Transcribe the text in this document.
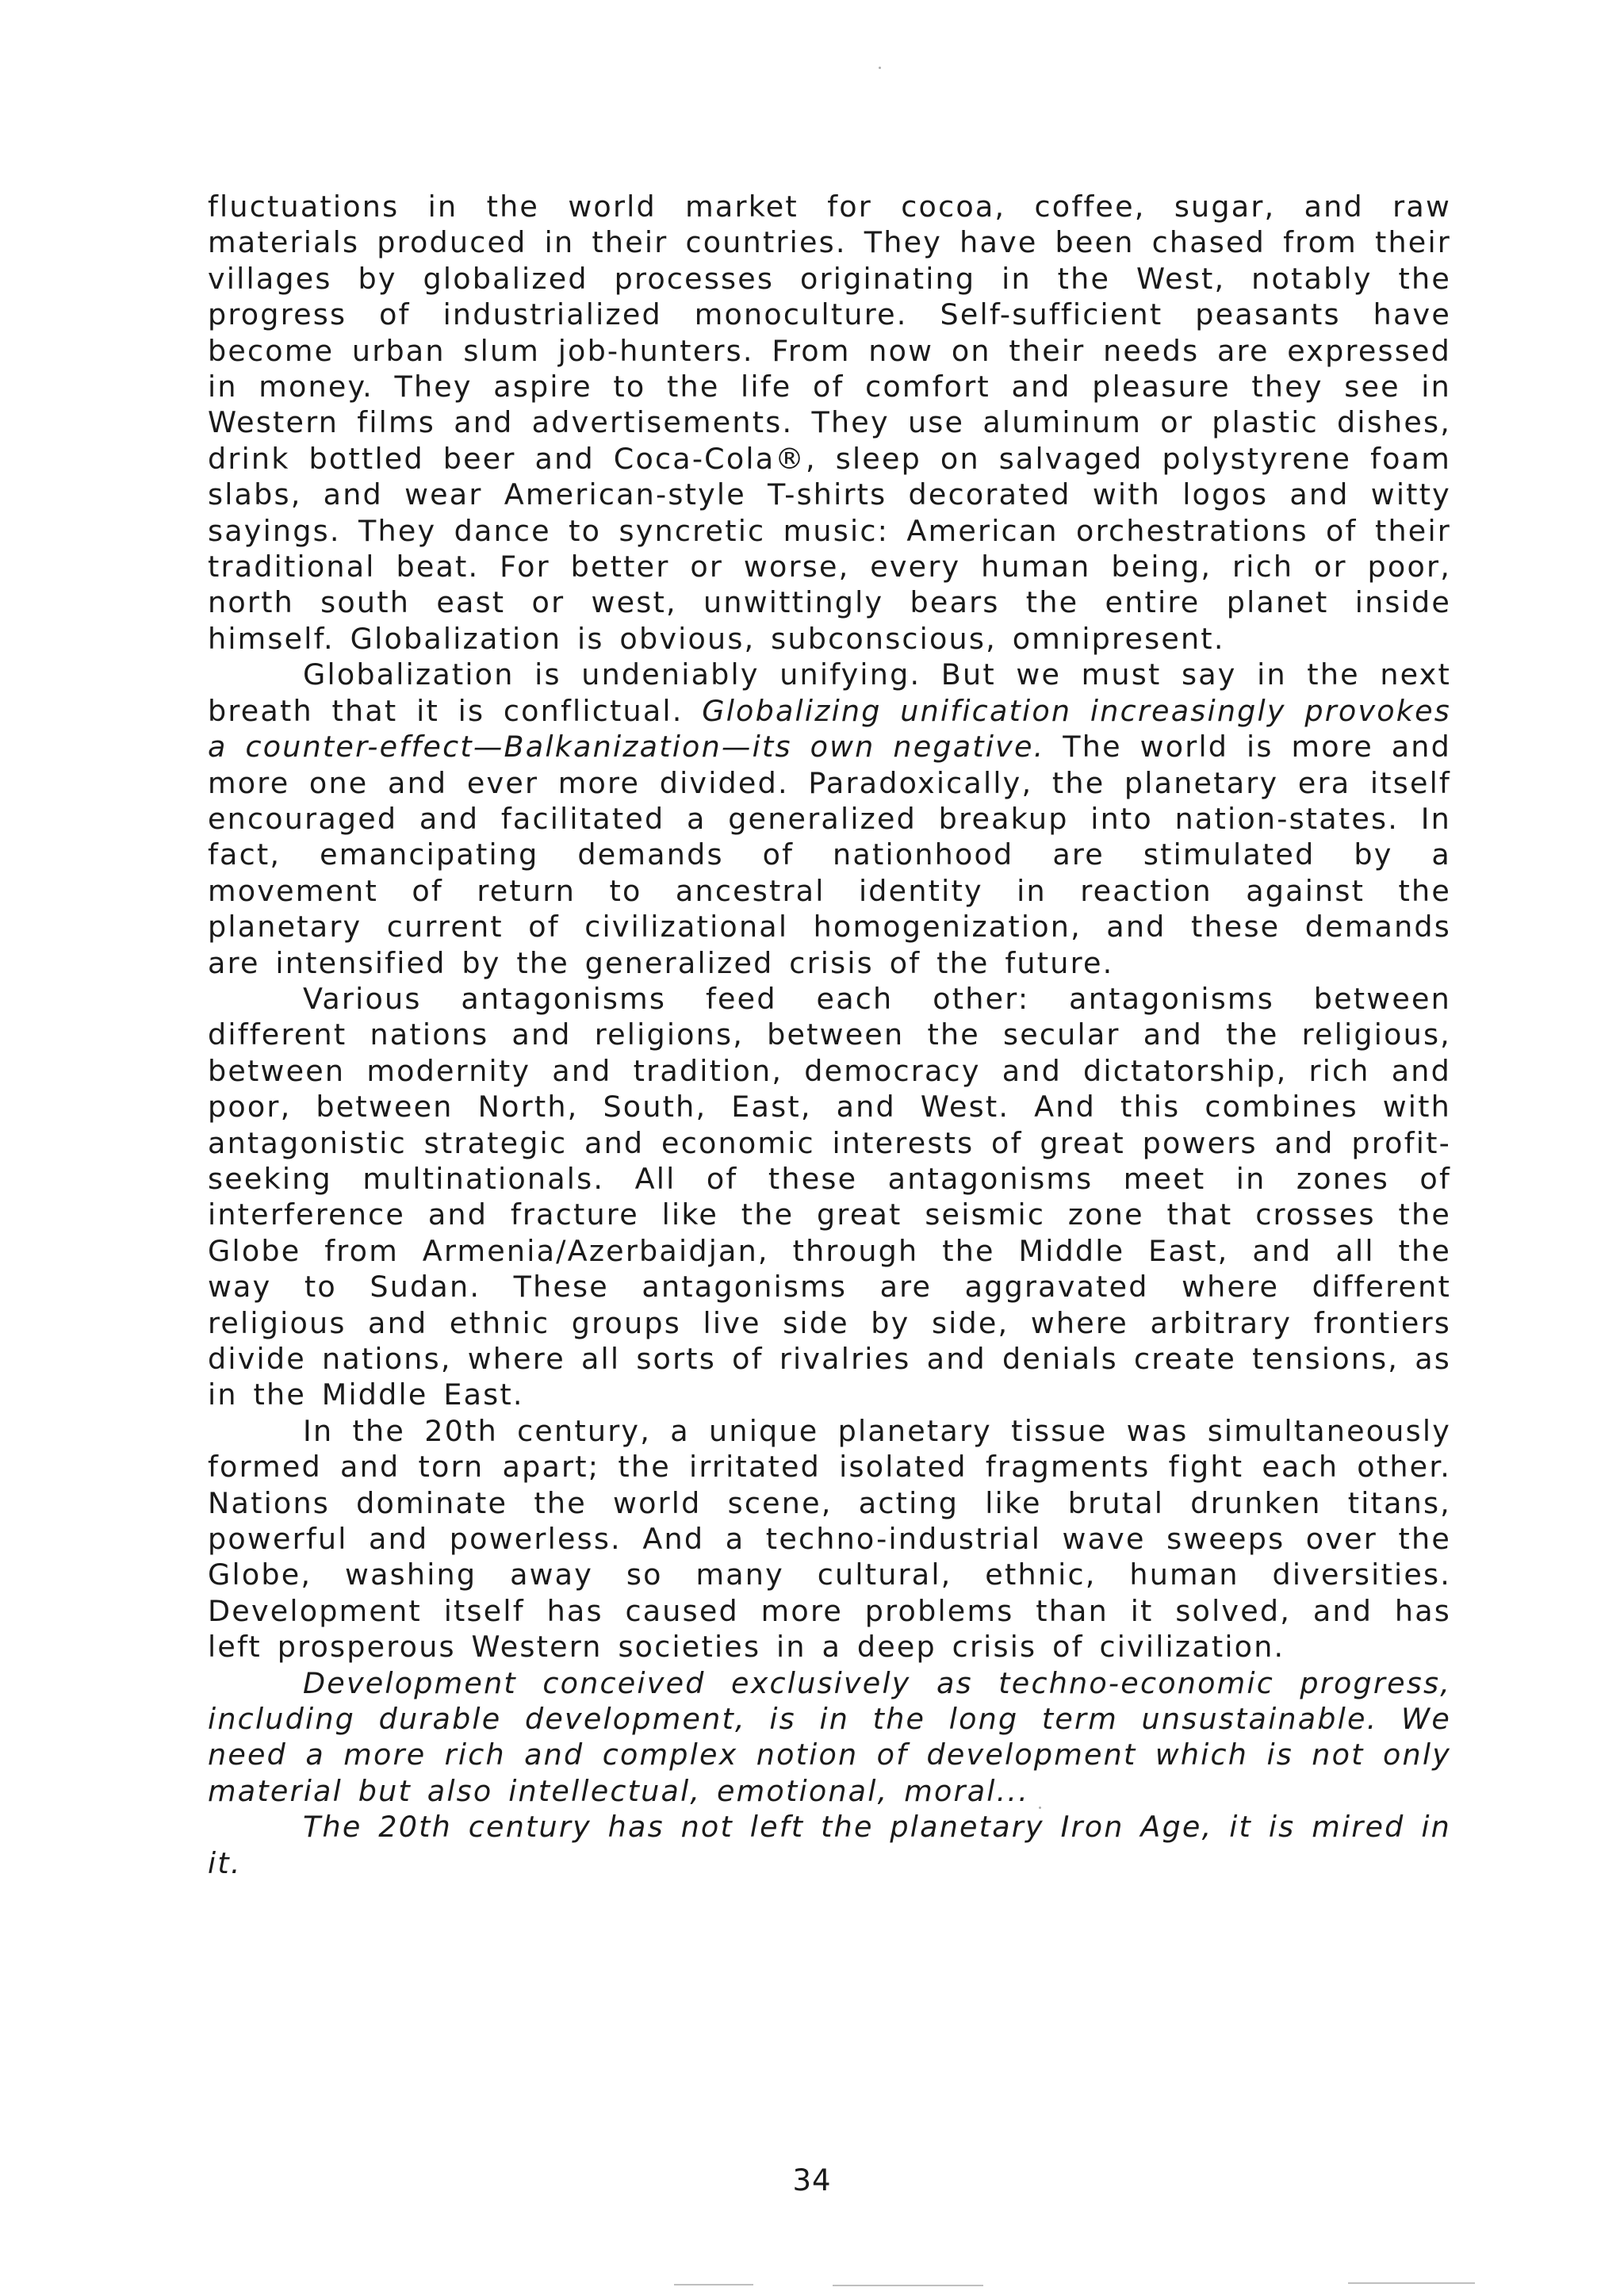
fluctuations in the world market for cocoa, coffee, sugar, and raw materials produced in their countries. They have been chased from their villages by globalized processes originating in the West, notably the progress of industrialized monoculture. Self-sufficient peasants have become urban slum job-hunters. From now on their needs are expressed in money. They aspire to the life of comfort and pleasure they see in Western films and advertisements. They use aluminum or plastic dishes, drink bottled beer and Coca-Cola®, sleep on salvaged polystyrene foam slabs, and wear American-style T-shirts decorated with logos and witty sayings. They dance to syncretic music: American orchestrations of their traditional beat. For better or worse, every human being, rich or poor, north south east or west, unwittingly bears the entire planet inside himself. Globalization is obvious, subconscious, omnipresent.

Globalization is undeniably unifying. But we must say in the next breath that it is conflictual. Globalizing unification increasingly provokes a counter-effect—Balkanization—its own negative. The world is more and more one and ever more divided. Paradoxically, the planetary era itself encouraged and facilitated a generalized breakup into nation-states. In fact, emancipating demands of nationhood are stimulated by a movement of return to ancestral identity in reaction against the planetary current of civilizational homogenization, and these demands are intensified by the generalized crisis of the future.

Various antagonisms feed each other: antagonisms between different nations and religions, between the secular and the religious, between modernity and tradition, democracy and dictatorship, rich and poor, between North, South, East, and West. And this combines with antagonistic strategic and economic interests of great powers and profit-seeking multinationals. All of these antagonisms meet in zones of interference and fracture like the great seismic zone that crosses the Globe from Armenia/Azerbaidjan, through the Middle East, and all the way to Sudan. These antagonisms are aggravated where different religious and ethnic groups live side by side, where arbitrary frontiers divide nations, where all sorts of rivalries and denials create tensions, as in the Middle East.

In the 20th century, a unique planetary tissue was simultaneously formed and torn apart; the irritated isolated fragments fight each other. Nations dominate the world scene, acting like brutal drunken titans, powerful and powerless. And a techno-industrial wave sweeps over the Globe, washing away so many cultural, ethnic, human diversities. Development itself has caused more problems than it solved, and has left prosperous Western societies in a deep crisis of civilization.

Development conceived exclusively as techno-economic progress, including durable development, is in the long term unsustainable. We need a more rich and complex notion of development which is not only material but also intellectual, emotional, moral...

The 20th century has not left the planetary Iron Age, it is mired in it.

34
